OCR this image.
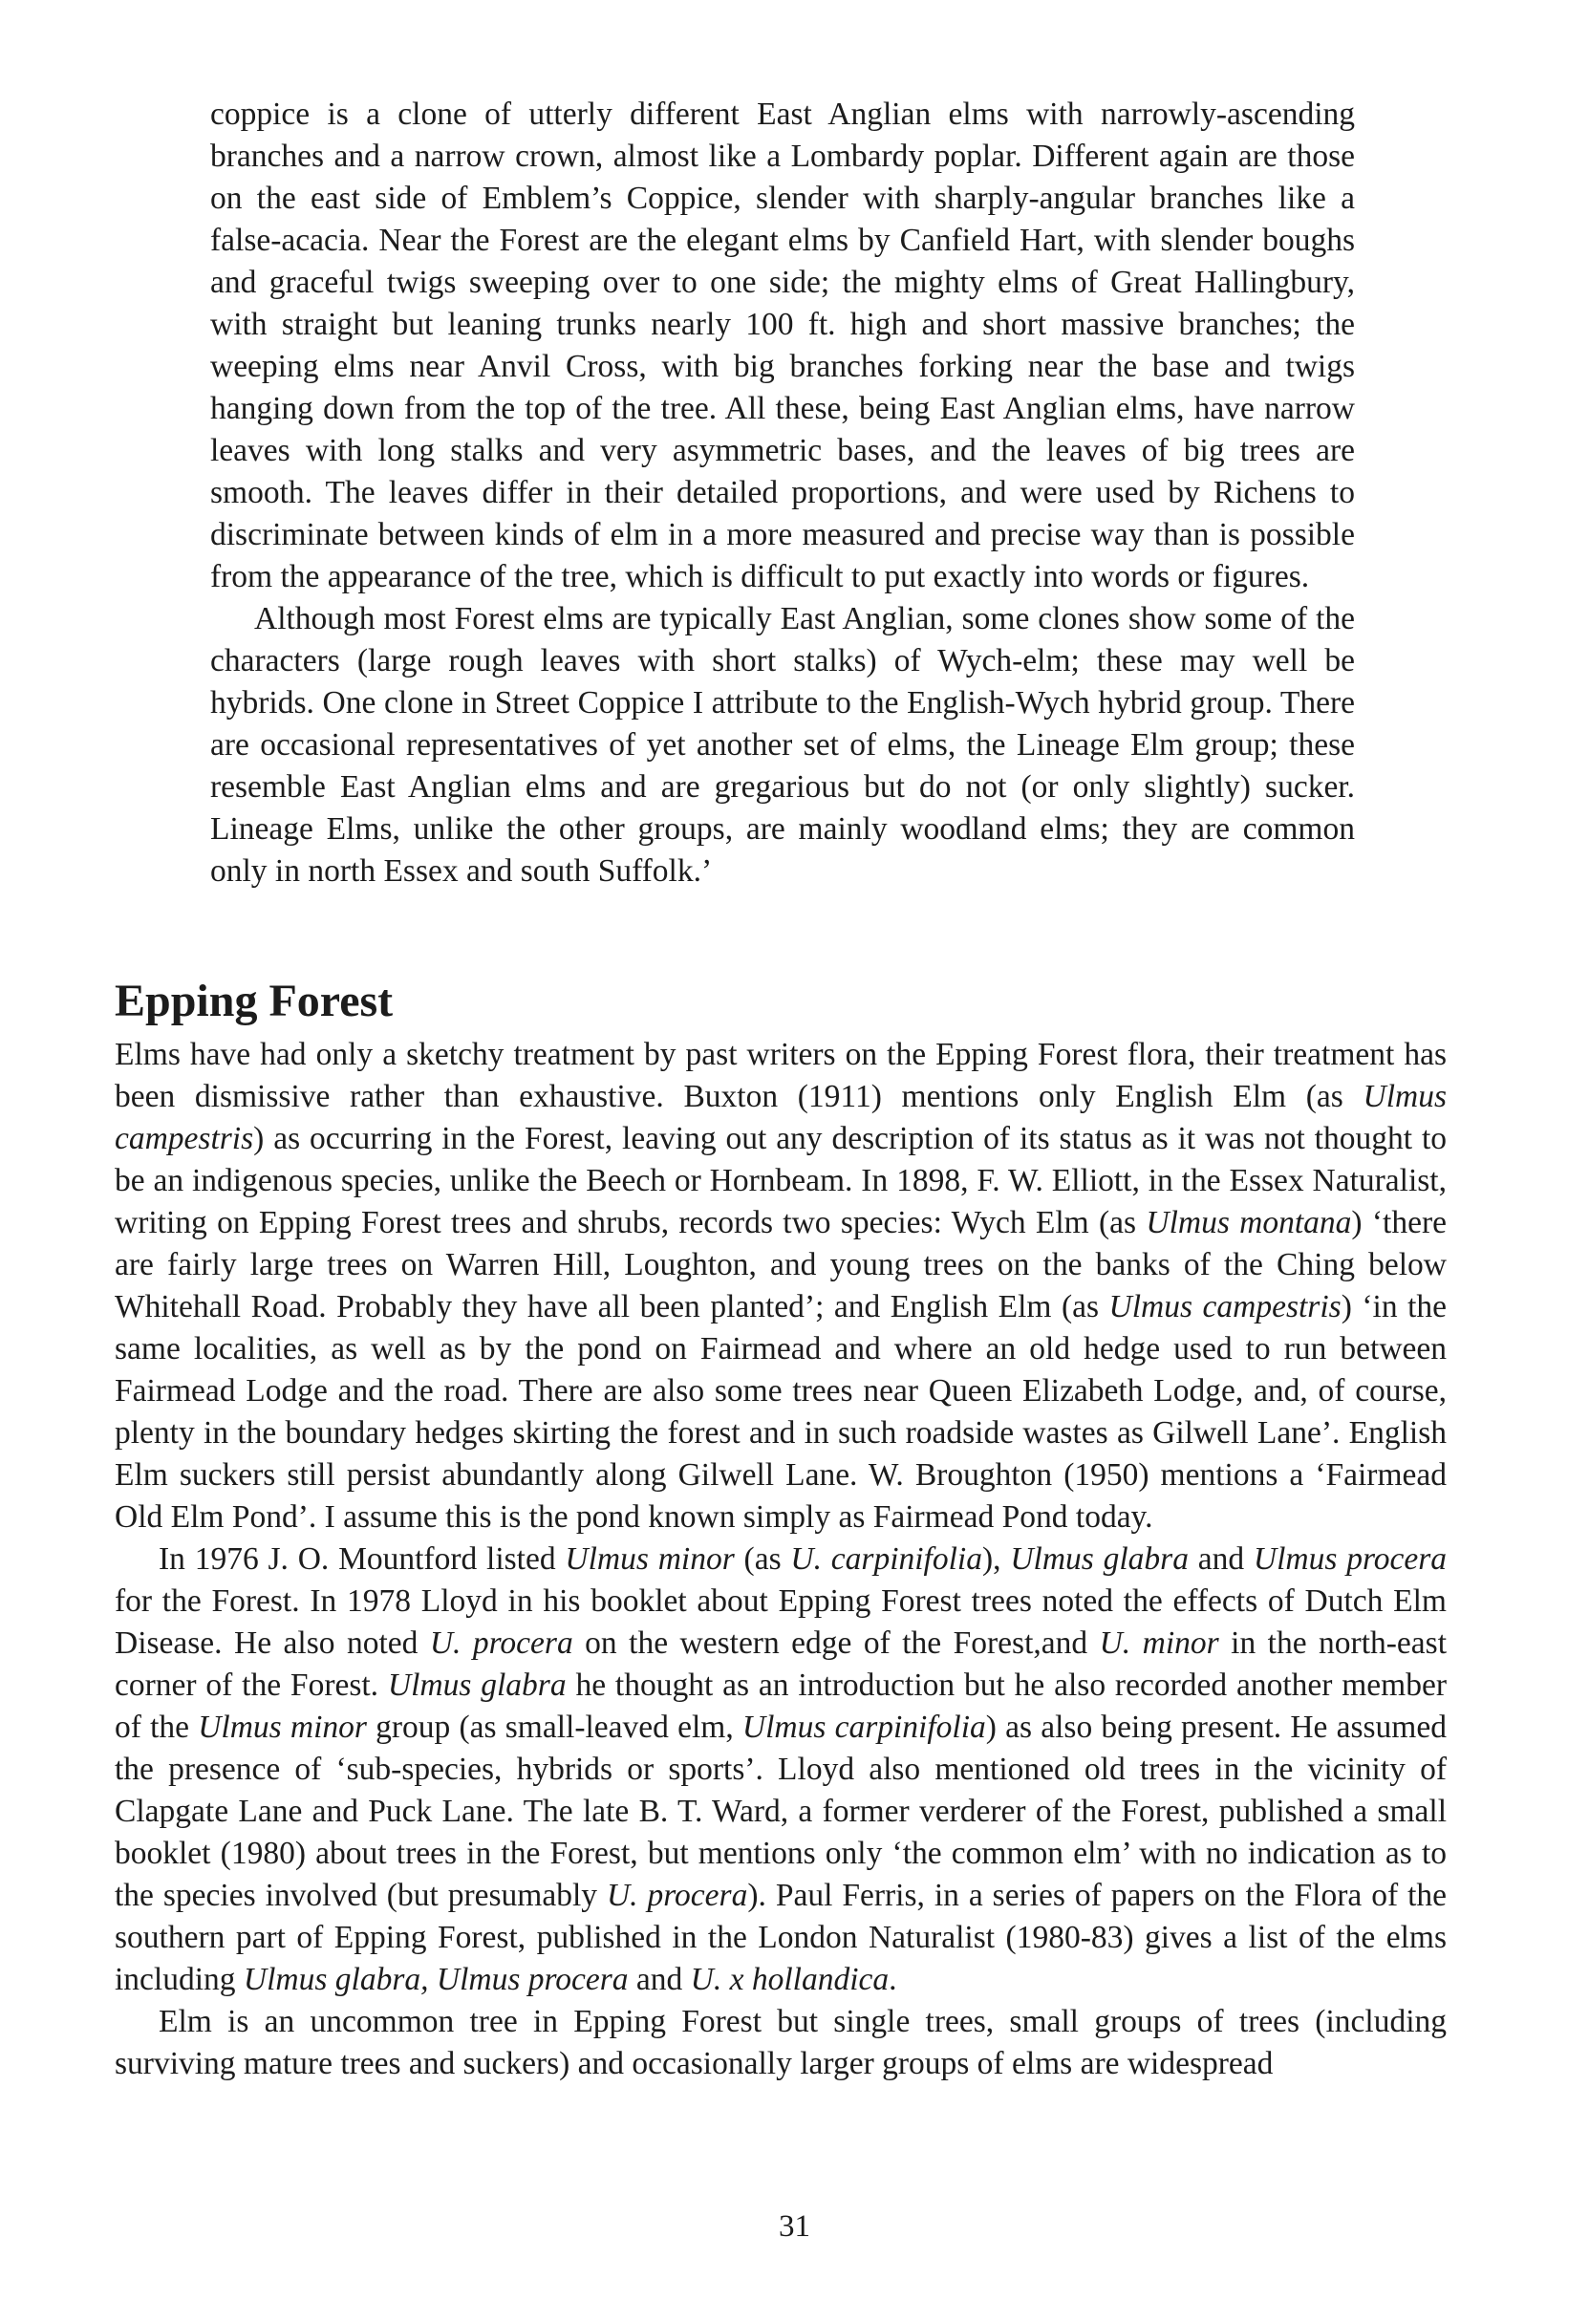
coppice is a clone of utterly different East Anglian elms with narrowly-ascending branches and a narrow crown, almost like a Lombardy poplar. Different again are those on the east side of Emblem’s Coppice, slender with sharply-angular branches like a false-acacia. Near the Forest are the elegant elms by Canfield Hart, with slender boughs and graceful twigs sweeping over to one side; the mighty elms of Great Hallingbury, with straight but leaning trunks nearly 100 ft. high and short massive branches; the weeping elms near Anvil Cross, with big branches forking near the base and twigs hanging down from the top of the tree. All these, being East Anglian elms, have narrow leaves with long stalks and very asymmetric bases, and the leaves of big trees are smooth. The leaves differ in their detailed proportions, and were used by Richens to discriminate between kinds of elm in a more measured and precise way than is possible from the appearance of the tree, which is difficult to put exactly into words or figures.

Although most Forest elms are typically East Anglian, some clones show some of the characters (large rough leaves with short stalks) of Wych-elm; these may well be hybrids. One clone in Street Coppice I attribute to the English-Wych hybrid group. There are occasional representatives of yet another set of elms, the Lineage Elm group; these resemble East Anglian elms and are gregarious but do not (or only slightly) sucker. Lineage Elms, unlike the other groups, are mainly woodland elms; they are common only in north Essex and south Suffolk.’

Epping Forest

Elms have had only a sketchy treatment by past writers on the Epping Forest flora, their treatment has been dismissive rather than exhaustive. Buxton (1911) mentions only English Elm (as Ulmus campestris) as occurring in the Forest, leaving out any description of its status as it was not thought to be an indigenous species, unlike the Beech or Hornbeam. In 1898, F. W. Elliott, in the Essex Naturalist, writing on Epping Forest trees and shrubs, records two species: Wych Elm (as Ulmus montana) ‘there are fairly large trees on Warren Hill, Loughton, and young trees on the banks of the Ching below Whitehall Road. Probably they have all been planted’; and English Elm (as Ulmus campestris) ‘in the same localities, as well as by the pond on Fairmead and where an old hedge used to run between Fairmead Lodge and the road. There are also some trees near Queen Elizabeth Lodge, and, of course, plenty in the boundary hedges skirting the forest and in such roadside wastes as Gilwell Lane’. English Elm suckers still persist abundantly along Gilwell Lane. W. Broughton (1950) mentions a ‘Fairmead Old Elm Pond’. I assume this is the pond known simply as Fairmead Pond today.

In 1976 J. O. Mountford listed Ulmus minor (as U. carpinifolia), Ulmus glabra and Ulmus procera for the Forest. In 1978 Lloyd in his booklet about Epping Forest trees noted the effects of Dutch Elm Disease. He also noted U. procera on the western edge of the Forest,and U. minor in the north-east corner of the Forest. Ulmus glabra he thought as an introduction but he also recorded another member of the Ulmus minor group (as small-leaved elm, Ulmus carpinifolia) as also being present. He assumed the presence of ‘sub-species, hybrids or sports’. Lloyd also mentioned old trees in the vicinity of Clapgate Lane and Puck Lane. The late B. T. Ward, a former verderer of the Forest, published a small booklet (1980) about trees in the Forest, but mentions only ‘the common elm’ with no indication as to the species involved (but presumably U. procera). Paul Ferris, in a series of papers on the Flora of the southern part of Epping Forest, published in the London Naturalist (1980-83) gives a list of the elms including Ulmus glabra, Ulmus procera and U. x hollandica.

Elm is an uncommon tree in Epping Forest but single trees, small groups of trees (including surviving mature trees and suckers) and occasionally larger groups of elms are widespread

31
